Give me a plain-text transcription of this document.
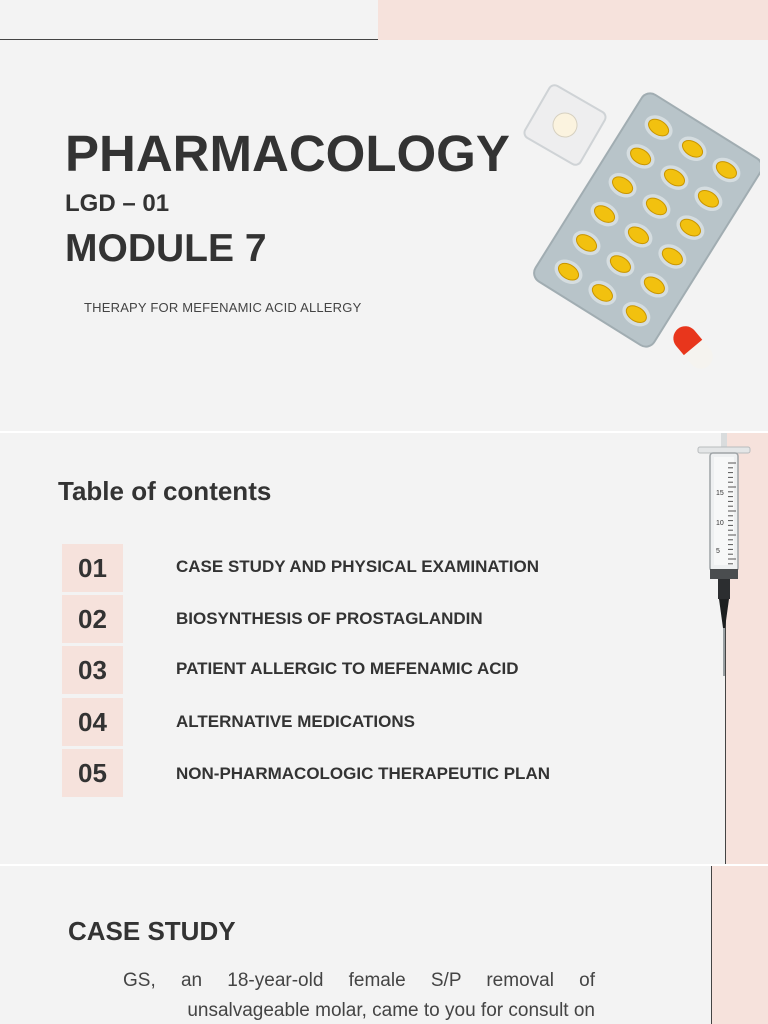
PHARMACOLOGY
LGD – 01
MODULE 7
THERAPY FOR MEFENAMIC ACID ALLERGY
Table of contents
01	CASE STUDY AND PHYSICAL EXAMINATION
02	BIOSYNTHESIS OF PROSTAGLANDIN
03	PATIENT ALLERGIC TO MEFENAMIC ACID
04	ALTERNATIVE MEDICATIONS
05	NON-PHARMACOLOGIC THERAPEUTIC PLAN
15
10
5
CASE STUDY
GS, an 18-year-old female S/P removal of
unsalvageable molar, came to you for consult on
